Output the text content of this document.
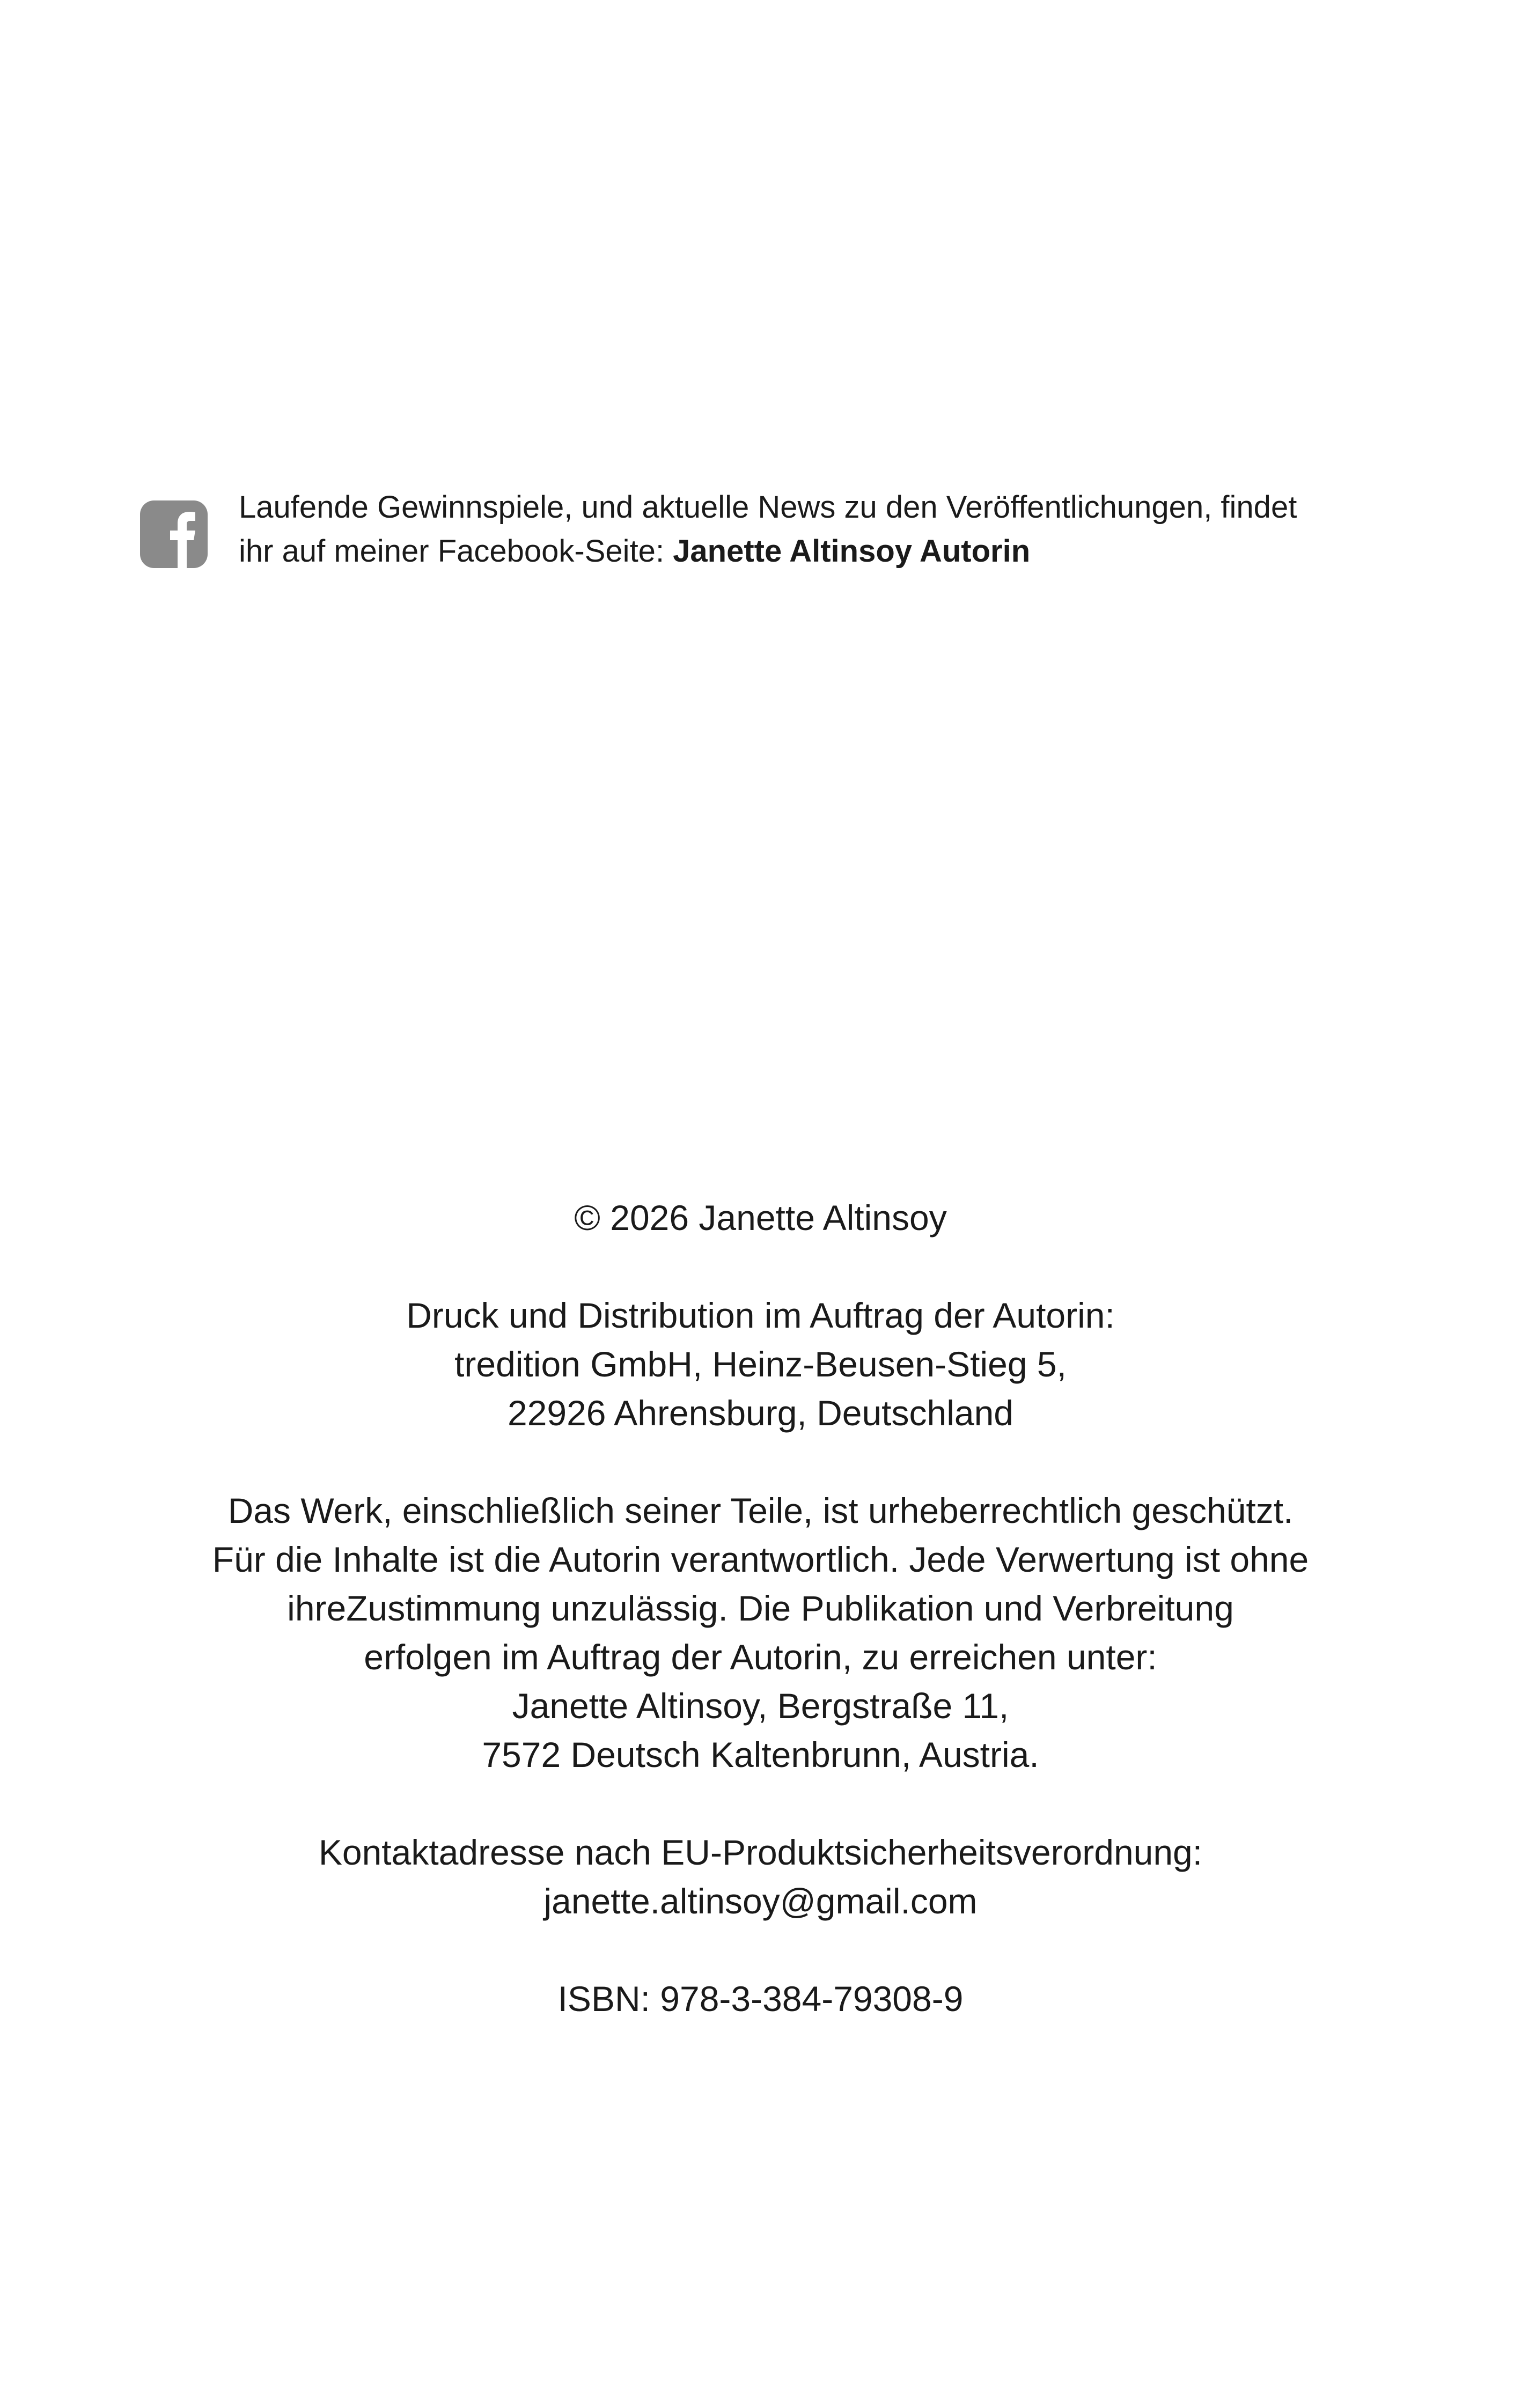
Laufende Gewinnspiele, und aktuelle News zu den Veröffentlichungen, findet
ihr auf meiner Facebook-Seite: Janette Altinsoy Autorin
© 2026 Janette Altinsoy
Druck und Distribution im Auftrag der Autorin:
tredition GmbH, Heinz-Beusen-Stieg 5,
22926 Ahrensburg, Deutschland
Das Werk, einschließlich seiner Teile, ist urheberrechtlich geschützt.
Für die Inhalte ist die Autorin verantwortlich. Jede Verwertung ist ohne
ihreZustimmung unzulässig. Die Publikation und Verbreitung
erfolgen im Auftrag der Autorin, zu erreichen unter:
Janette Altinsoy, Bergstraße 11,
7572 Deutsch Kaltenbrunn, Austria.
Kontaktadresse nach EU-Produktsicherheitsverordnung:
janette.altinsoy@gmail.com
ISBN: 978-3-384-79308-9
